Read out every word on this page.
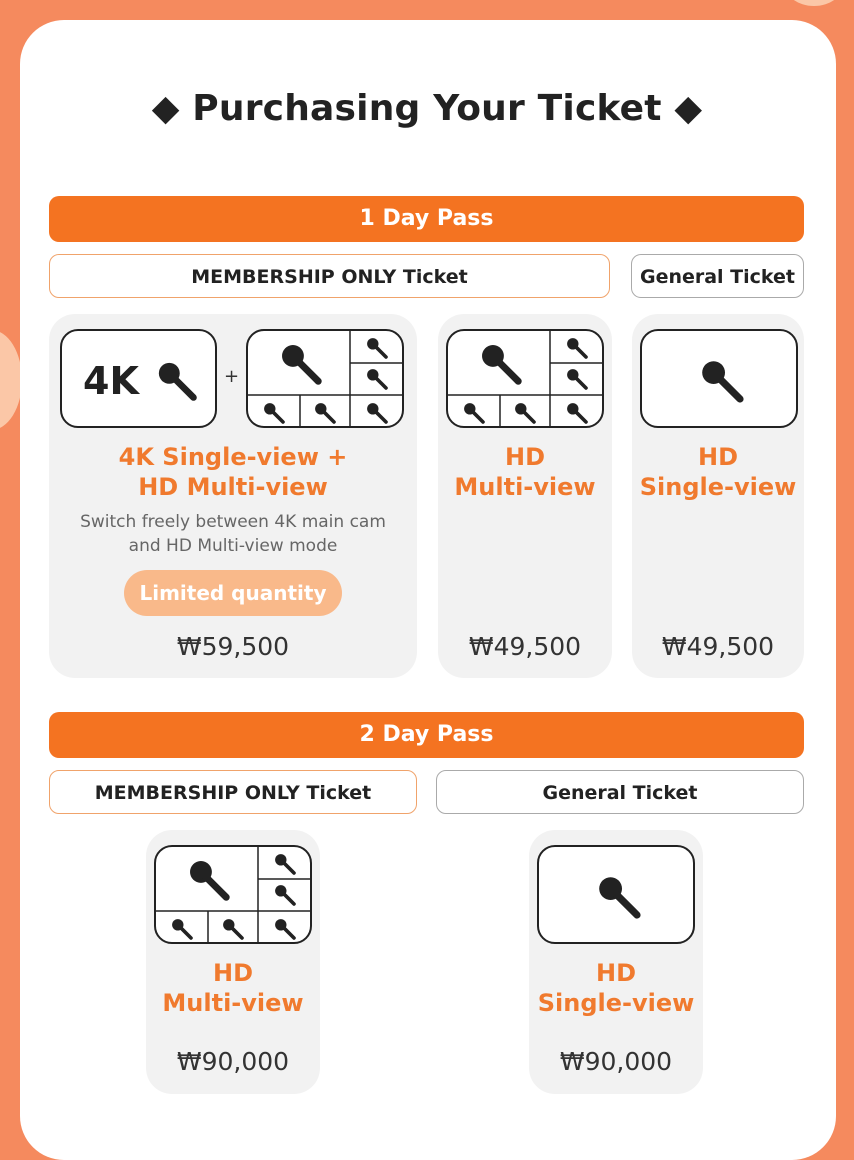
◆ Purchasing Your Ticket ◆
1 Day Pass
MEMBERSHIP ONLY Ticket	General Ticket
4K	+
4K Single-view +
HD Multi-view
Switch freely between 4K main cam
and HD Multi-view mode
Limited quantity
₩59,500
HD
Multi-view
₩49,500
HD
Single-view
₩49,500
2 Day Pass
MEMBERSHIP ONLY Ticket	General Ticket
HD
Multi-view
₩90,000
HD
Single-view
₩90,000
